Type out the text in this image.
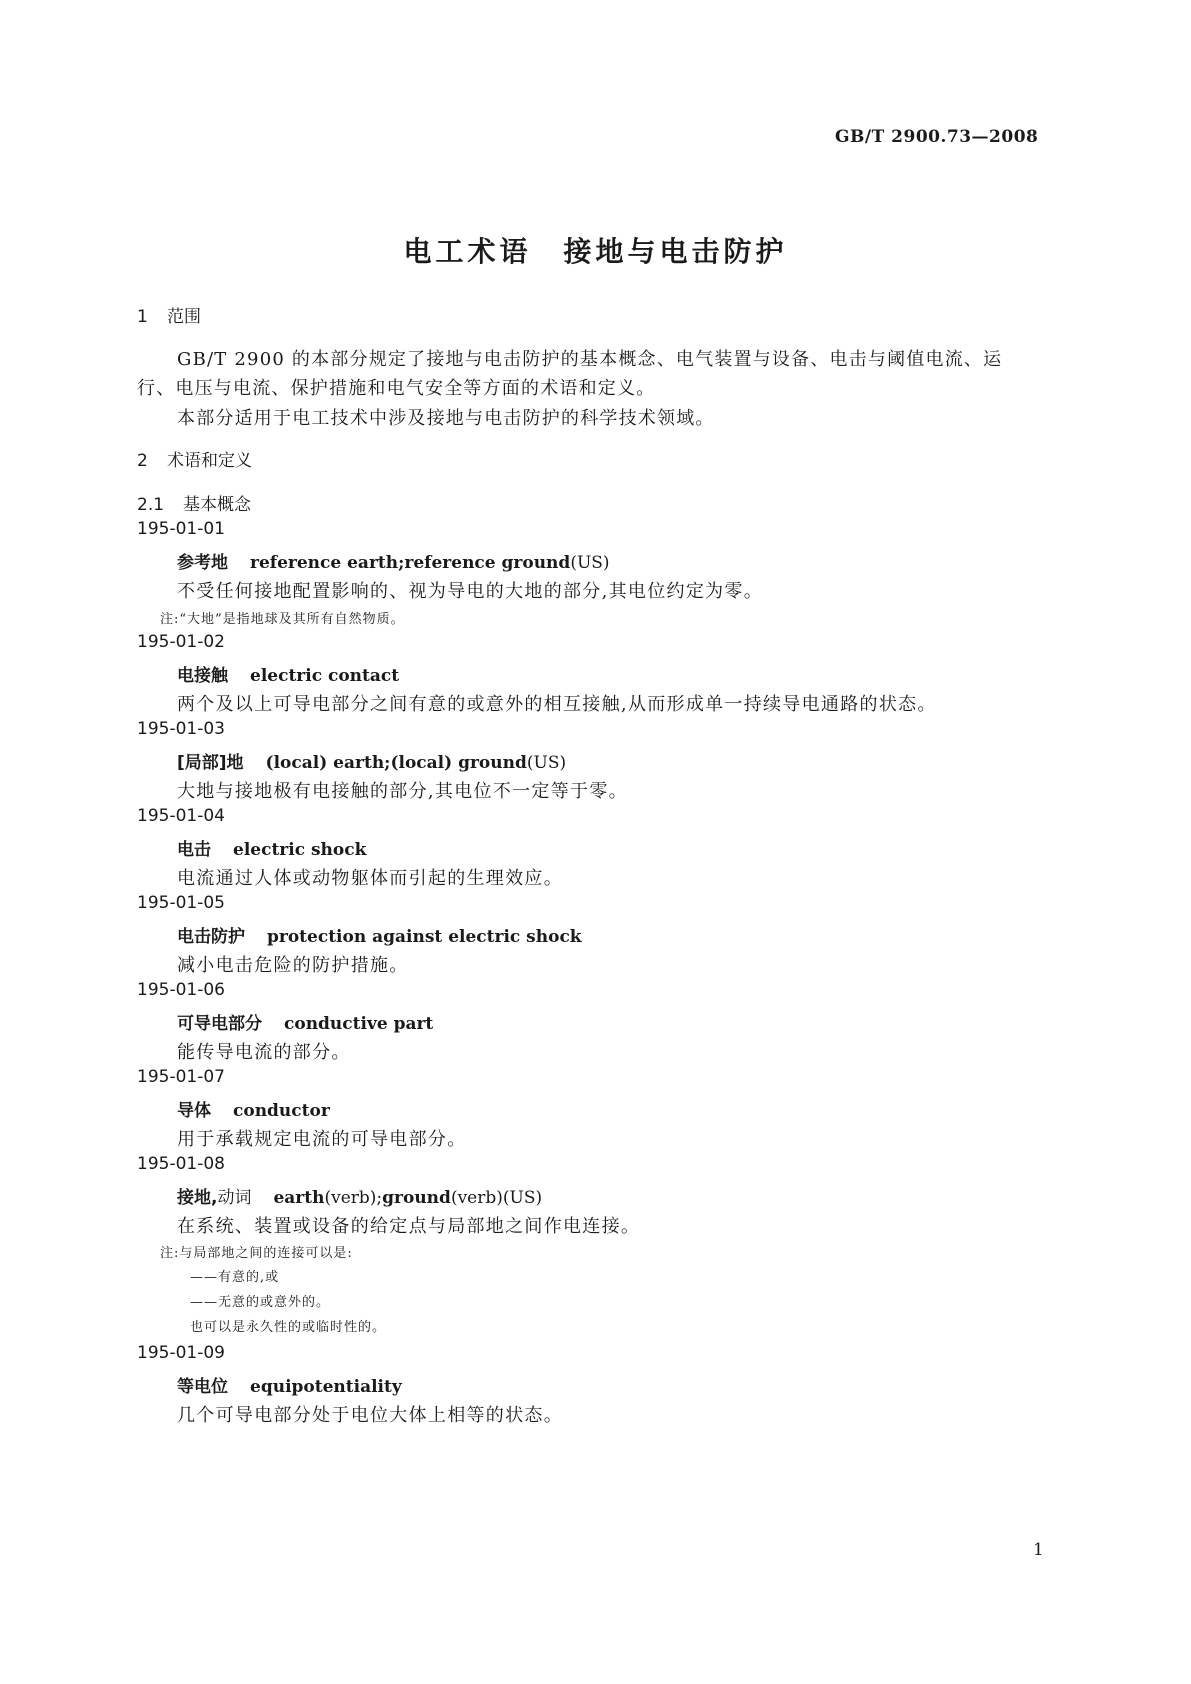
GB/T 2900.73—2008
电工术语　接地与电击防护
1 范围
GB/T 2900 的本部分规定了接地与电击防护的基本概念、电气装置与设备、电击与阈值电流、运
行、电压与电流、保护措施和电气安全等方面的术语和定义。
本部分适用于电工技术中涉及接地与电击防护的科学技术领域。
2 术语和定义
2.1 基本概念
195-01-01
参考地 reference earth;reference ground(US)
不受任何接地配置影响的、视为导电的大地的部分,其电位约定为零。
注:“大地”是指地球及其所有自然物质。
195-01-02
电接触 electric contact
两个及以上可导电部分之间有意的或意外的相互接触,从而形成单一持续导电通路的状态。
195-01-03
[局部]地 (local) earth;(local) ground(US)
大地与接地极有电接触的部分,其电位不一定等于零。
195-01-04
电击 electric shock
电流通过人体或动物躯体而引起的生理效应。
195-01-05
电击防护 protection against electric shock
减小电击危险的防护措施。
195-01-06
可导电部分 conductive part
能传导电流的部分。
195-01-07
导体 conductor
用于承载规定电流的可导电部分。
195-01-08
接地,动词 earth(verb);ground(verb)(US)
在系统、装置或设备的给定点与局部地之间作电连接。
注:与局部地之间的连接可以是:
——有意的,或
——无意的或意外的。
也可以是永久性的或临时性的。
195-01-09
等电位 equipotentiality
几个可导电部分处于电位大体上相等的状态。
1
